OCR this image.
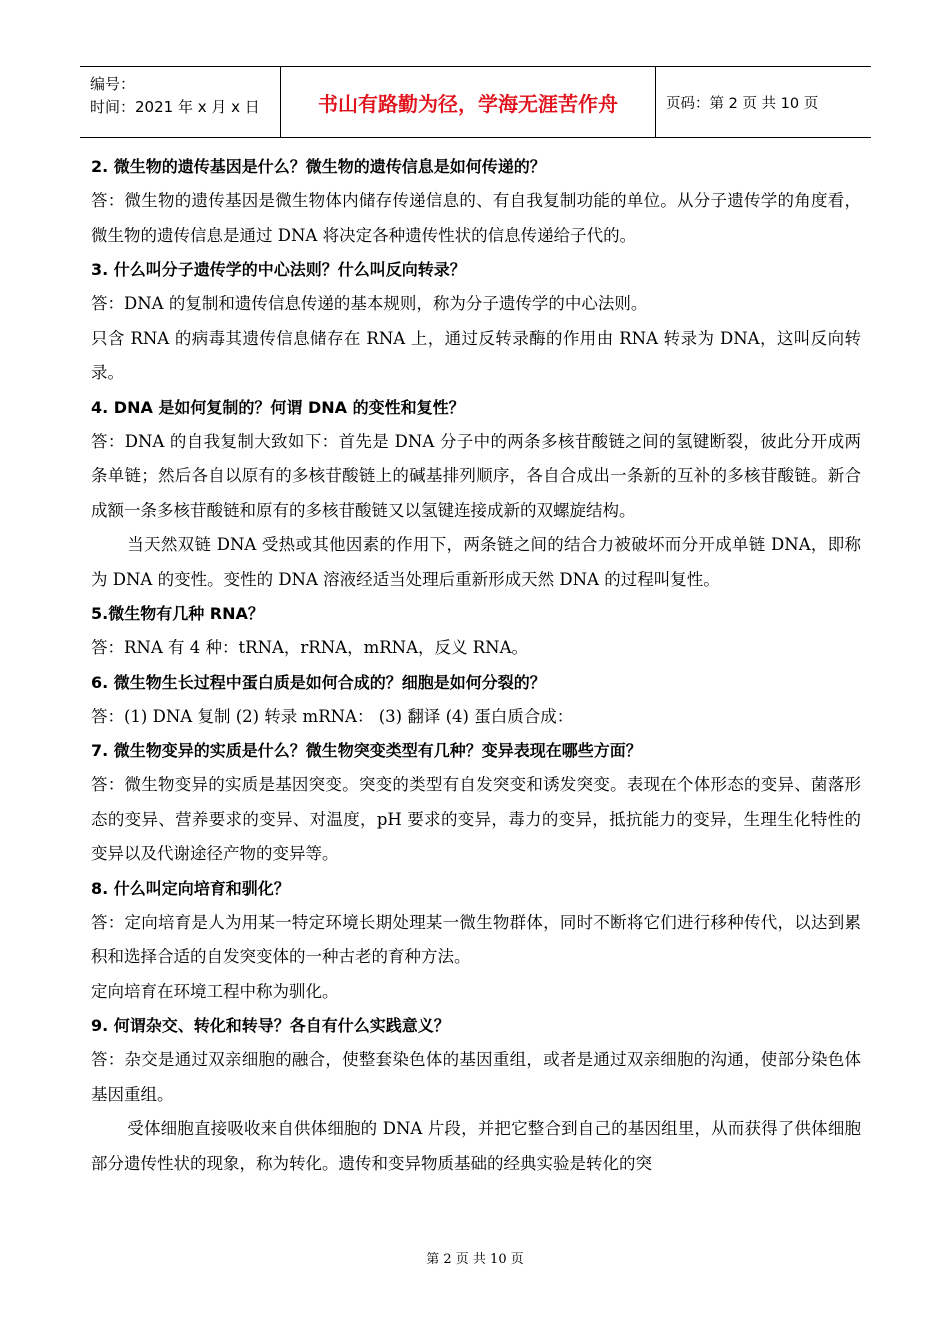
编号：
时间：2021 年 x 月 x 日	书山有路勤为径，学海无涯苦作舟	页码：第 2 页 共 10 页

2. 微生物的遗传基因是什么？微生物的遗传信息是如何传递的？

答：微生物的遗传基因是微生物体内储存传递信息的、有自我复制功能的单位。从分子遗传学的角度看，微生物的遗传信息是通过 DNA 将决定各种遗传性状的信息传递给子代的。

3. 什么叫分子遗传学的中心法则？什么叫反向转录？

答：DNA 的复制和遗传信息传递的基本规则，称为分子遗传学的中心法则。

只含 RNA 的病毒其遗传信息储存在 RNA 上，通过反转录酶的作用由 RNA 转录为 DNA，这叫反向转录。

4. DNA 是如何复制的？何谓 DNA 的变性和复性？

答：DNA 的自我复制大致如下：首先是 DNA 分子中的两条多核苷酸链之间的氢键断裂，彼此分开成两条单链；然后各自以原有的多核苷酸链上的碱基排列顺序，各自合成出一条新的互补的多核苷酸链。新合成额一条多核苷酸链和原有的多核苷酸链又以氢键连接成新的双螺旋结构。

当天然双链 DNA 受热或其他因素的作用下，两条链之间的结合力被破坏而分开成单链 DNA，即称为 DNA 的变性。变性的 DNA 溶液经适当处理后重新形成天然 DNA 的过程叫复性。

5.微生物有几种 RNA？

答：RNA 有 4 种：tRNA，rRNA，mRNA，反义 RNA。

6. 微生物生长过程中蛋白质是如何合成的？细胞是如何分裂的？

答：(1) DNA 复制 (2) 转录 mRNA： (3) 翻译 (4) 蛋白质合成：

7. 微生物变异的实质是什么？微生物突变类型有几种？变异表现在哪些方面？

答：微生物变异的实质是基因突变。突变的类型有自发突变和诱发突变。表现在个体形态的变异、菌落形态的变异、营养要求的变异、对温度，pH 要求的变异，毒力的变异，抵抗能力的变异，生理生化特性的变异以及代谢途径产物的变异等。

8. 什么叫定向培育和驯化？

答：定向培育是人为用某一特定环境长期处理某一微生物群体，同时不断将它们进行移种传代，以达到累积和选择合适的自发突变体的一种古老的育种方法。

定向培育在环境工程中称为驯化。

9. 何谓杂交、转化和转导？各自有什么实践意义？

答：杂交是通过双亲细胞的融合，使整套染色体的基因重组，或者是通过双亲细胞的沟通，使部分染色体基因重组。

受体细胞直接吸收来自供体细胞的 DNA 片段，并把它整合到自己的基因组里，从而获得了供体细胞部分遗传性状的现象，称为转化。遗传和变异物质基础的经典实验是转化的突

第 2 页 共 10 页
